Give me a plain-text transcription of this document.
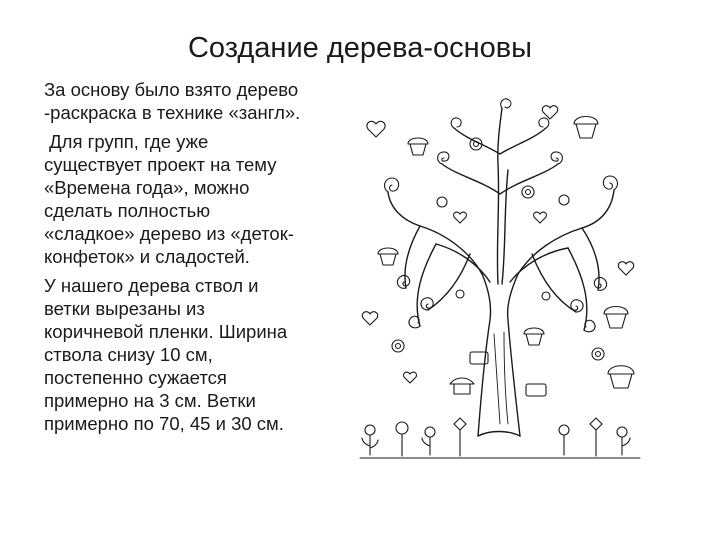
Создание дерева-основы

За основу было взято дерево
-раскраска в технике «зангл».

Для групп, где уже
существует проект на тему
«Времена года», можно
сделать полностью
«сладкое» дерево из «деток-
конфеток» и сладостей.

У нашего дерева ствол и
ветки вырезаны из
коричневой пленки. Ширина
ствола снизу 10 см,
постепенно сужается
примерно на 3 см. Ветки
примерно по 70, 45 и 30 см.
